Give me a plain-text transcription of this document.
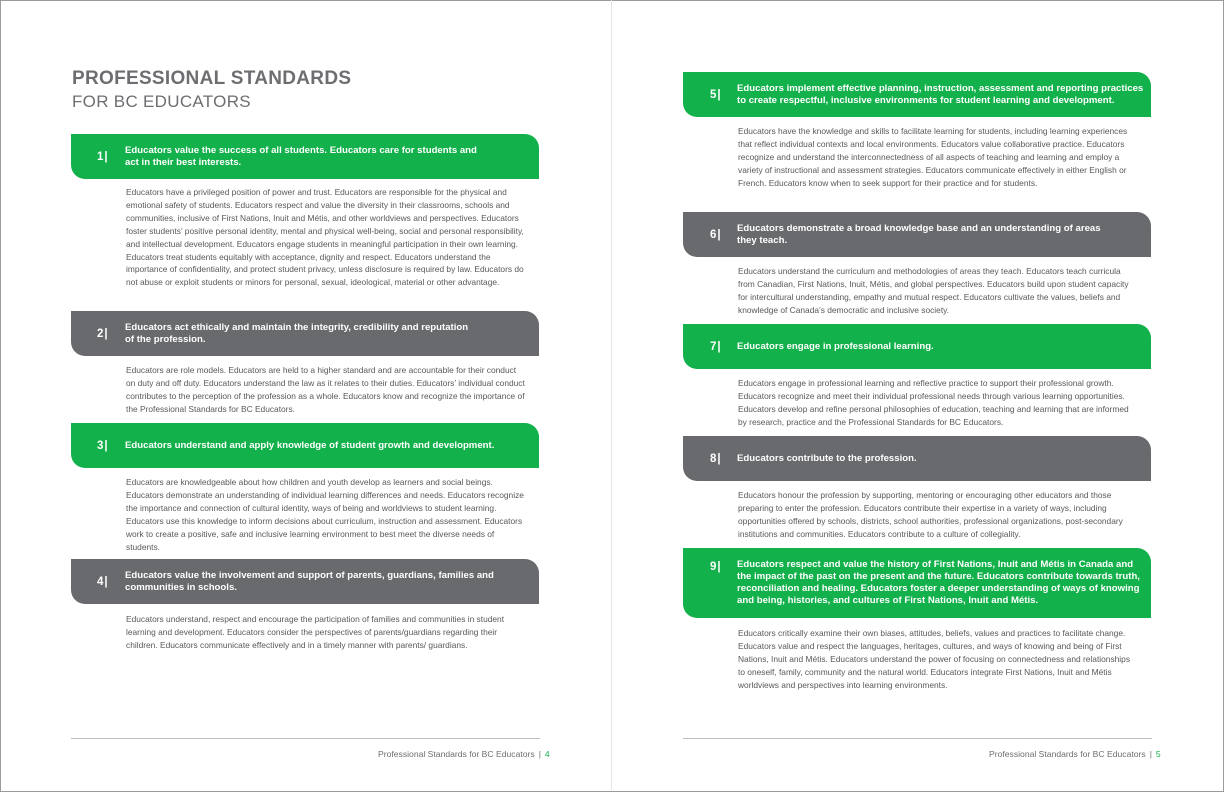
PROFESSIONAL STANDARDS
FOR BC EDUCATORS
1|
Educators value the success of all students. Educators care for students and act in their best interests.

Educators have a privileged position of power and trust. Educators are responsible for the physical and emotional safety of students. Educators respect and value the diversity in their classrooms, schools and communities, inclusive of First Nations, Inuit and Métis, and other worldviews and perspectives. Educators foster students’ positive personal identity, mental and physical well-being, social and personal responsibility, and intellectual development. Educators engage students in meaningful participation in their own learning. Educators treat students equitably with acceptance, dignity and respect. Educators understand the importance of confidentiality, and protect student privacy, unless disclosure is required by law. Educators do not abuse or exploit students or minors for personal, sexual, ideological, material or other advantage.

2|
Educators act ethically and maintain the integrity, credibility and reputation of the profession.

Educators are role models. Educators are held to a higher standard and are accountable for their conduct on duty and off duty. Educators understand the law as it relates to their duties. Educators’ individual conduct contributes to the perception of the profession as a whole. Educators know and recognize the importance of the Professional Standards for BC Educators.

3| Educators understand and apply knowledge of student growth and development.

Educators are knowledgeable about how children and youth develop as learners and social beings. Educators demonstrate an understanding of individual learning differences and needs. Educators recognize the importance and connection of cultural identity, ways of being and worldviews to student learning. Educators use this knowledge to inform decisions about curriculum, instruction and assessment. Educators work to create a positive, safe and inclusive learning environment to best meet the diverse needs of students.

4|
Educators value the involvement and support of parents, guardians, families and communities in schools.

Educators understand, respect and encourage the participation of families and communities in student learning and development. Educators consider the perspectives of parents/guardians regarding their children. Educators communicate effectively and in a timely manner with parents/ guardians.

Professional Standards for BC Educators | 4
5|
Educators implement effective planning, instruction, assessment and reporting practices to create respectful, inclusive environments for student learning and development.

Educators have the knowledge and skills to facilitate learning for students, including learning experiences that reflect individual contexts and local environments. Educators value collaborative practice. Educators recognize and understand the interconnectedness of all aspects of teaching and learning and employ a variety of instructional and assessment strategies. Educators communicate effectively in either English or French. Educators know when to seek support for their practice and for students.

6|
Educators demonstrate a broad knowledge base and an understanding of areas they teach.

Educators understand the curriculum and methodologies of areas they teach. Educators teach curricula from Canadian, First Nations, Inuit, Métis, and global perspectives. Educators build upon student capacity for intercultural understanding, empathy and mutual respect. Educators cultivate the values, beliefs and knowledge of Canada’s democratic and inclusive society.

7| Educators engage in professional learning.

Educators engage in professional learning and reflective practice to support their professional growth. Educators recognize and meet their individual professional needs through various learning opportunities. Educators develop and refine personal philosophies of education, teaching and learning that are informed by research, practice and the Professional Standards for BC Educators.

8| Educators contribute to the profession.

Educators honour the profession by supporting, mentoring or encouraging other educators and those preparing to enter the profession. Educators contribute their expertise in a variety of ways, including opportunities offered by schools, districts, school authorities, professional organizations, post-secondary institutions and communities. Educators contribute to a culture of collegiality.

9| Educators respect and value the history of First Nations, Inuit and Métis in Canada and the impact of the past on the present and the future. Educators contribute towards truth, reconciliation and healing. Educators foster a deeper understanding of ways of knowing and being, histories, and cultures of First Nations, Inuit and Métis.

Educators critically examine their own biases, attitudes, beliefs, values and practices to facilitate change. Educators value and respect the languages, heritages, cultures, and ways of knowing and being of First Nations, Inuit and Métis. Educators understand the power of focusing on connectedness and relationships to oneself, family, community and the natural world. Educators integrate First Nations, Inuit and Métis worldviews and perspectives into learning environments.

Professional Standards for BC Educators | 5
